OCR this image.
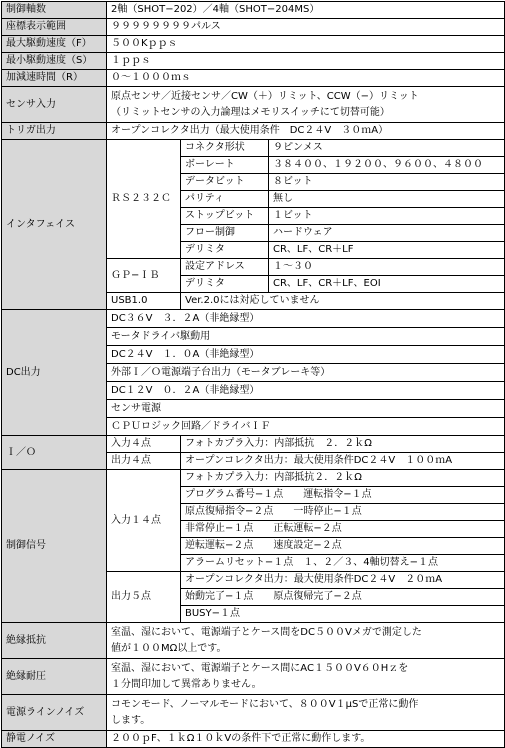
制御軸数	2軸（SHOT−202）／4軸（SHOT−204MS）		
座標表示範囲	９９９９９９９９パルス		
最大駆動速度（F）	５００Kｐｐｓ		
最小駆動速度（S）	１ｐｐｓ		
加減速時間（R）	０〜１０００ｍｓ		
センサ入力	原点センサ／近接センサ／CW（＋）リミット、CCW（−）リミット
（リミットセンサの入力論理はメモリスイッチにて切替可能）		

トリガ出力	オープンコレクタ出力（最大使用条件　DC２４V　３０ｍA）		
インタフェイス	ＲＳ２３２Ｃ	コネクタ形状	９ピンメス
		ボーレート	３８４００、１９２００、９６００、４８００
		データビット	８ビット
		パリティ	無し
		ストップビット	１ビット
		フロー制御	ハードウェア
		デリミタ	CR、LF、CR＋LF
	ＧＰ−ＩＢ	設定アドレス	１〜３０
		デリミタ	CR、LF、CR＋LF、EOI
	USB1.0	Ver.2.0には対応していません	
DC出力	DC３６V　３．２A（非絶縁型）		
	モータドライバ駆動用		
	DC２４V　１．０A（非絶縁型）		
	外部Ｉ／Ｏ電源端子台出力（モータブレーキ等）		
	DC１２V　０．２A（非絶縁型）		
	センサ電源		
	ＣＰＵロジック回路／ドライバＩＦ		
Ｉ／Ｏ	入力４点	フォトカプラ入力：内部抵抗　２．２ｋΩ	
	出力４点	オープンコレクタ出力：最大使用条件DC２４V　１００ｍA	
制御信号	入力１４点	フォトカプラ入力：内部抵抗２．２ｋΩ	
		プログラム番号−１点　　運転指令−１点	
		原点復帰指令−２点　　一時停止−１点	
		非常停止−１点　　正転運転−２点	
		逆転運転−２点　　速度設定−２点	
		アラームリセット−１点　１、２／３、4軸切替え−１点	
	出力５点	オープンコレクタ出力：最大使用条件DC２４V　２０ｍA	
		始動完了−１点　　原点復帰完了−２点	
		BUSY−１点	
絶縁抵抗	室温、湿において、電源端子とケース間をDC５００Vメガで測定した
値が１００MΩ以上です。		

絶縁耐圧	室温、湿において、電源端子とケース間にAC１５００V６０Hｚを
１分間印加して異常ありません。		

電源ラインノイズ	コモンモード、ノーマルモードにおいて、８００V１μSで正常に動作
します。		

静電ノイズ	２００ｐF、１ｋΩ１０ｋVの条件下で正常に動作します。		
